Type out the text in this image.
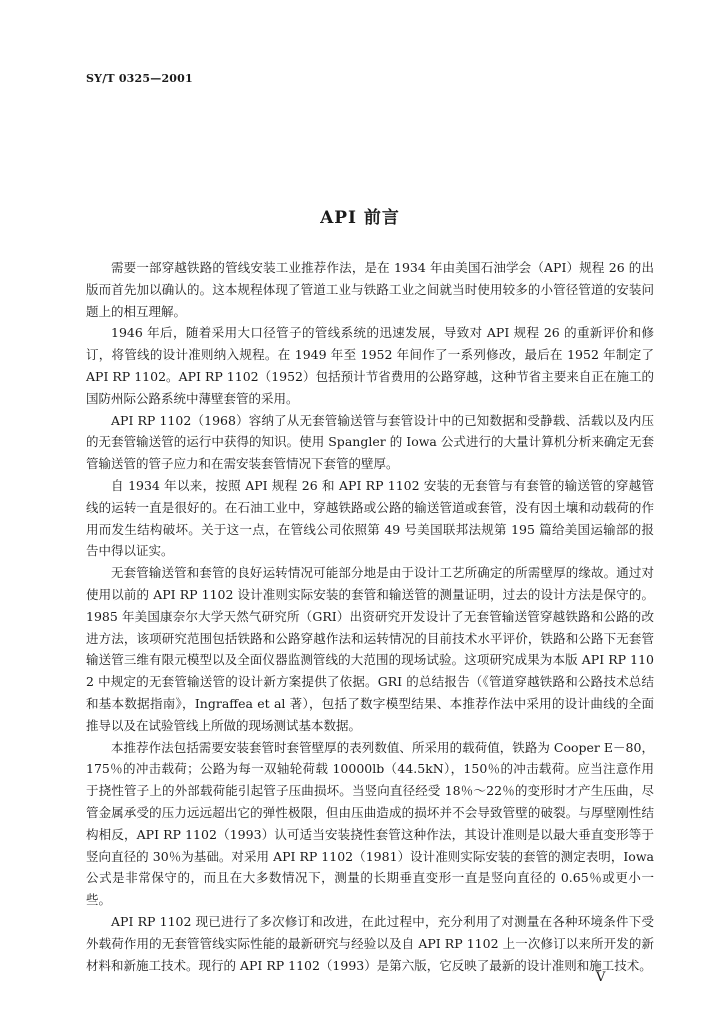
SY/T 0325—2001
API 前言

需要一部穿越铁路的管线安装工业推荐作法，是在 1934 年由美国石油学会（API）规程 26 的出版而首先加以确认的。这本规程体现了管道工业与铁路工业之间就当时使用较多的小管径管道的安装问题上的相互理解。

1946 年后，随着采用大口径管子的管线系统的迅速发展，导致对 API 规程 26 的重新评价和修订，将管线的设计准则纳入规程。在 1949 年至 1952 年间作了一系列修改，最后在 1952 年制定了 API RP 1102。API RP 1102（1952）包括预计节省费用的公路穿越，这种节省主要来自正在施工的国防州际公路系统中薄壁套管的采用。

API RP 1102（1968）容纳了从无套管输送管与套管设计中的已知数据和受静载、活载以及内压的无套管输送管的运行中获得的知识。使用 Spangler 的 Iowa 公式进行的大量计算机分析来确定无套管输送管的管子应力和在需安装套管情况下套管的壁厚。

自 1934 年以来，按照 API 规程 26 和 API RP 1102 安装的无套管与有套管的输送管的穿越管线的运转一直是很好的。在石油工业中，穿越铁路或公路的输送管道或套管，没有因土壤和动载荷的作用而发生结构破坏。关于这一点，在管线公司依照第 49 号美国联邦法规第 195 篇给美国运输部的报告中得以证实。

无套管输送管和套管的良好运转情况可能部分地是由于设计工艺所确定的所需壁厚的缘故。通过对使用以前的 API RP 1102 设计准则实际安装的套管和输送管的测量证明，过去的设计方法是保守的。1985 年美国康奈尔大学天然气研究所（GRI）出资研究开发设计了无套管输送管穿越铁路和公路的改进方法，该项研究范围包括铁路和公路穿越作法和运转情况的目前技术水平评价，铁路和公路下无套管输送管三维有限元模型以及全面仪器监测管线的大范围的现场试验。这项研究成果为本版 API RP 1102 中规定的无套管输送管的设计新方案提供了依据。GRI 的总结报告（《管道穿越铁路和公路技术总结和基本数据指南》，Ingraffea et al 著），包括了数字模型结果、本推荐作法中采用的设计曲线的全面推导以及在试验管线上所做的现场测试基本数据。

本推荐作法包括需要安装套管时套管壁厚的表列数值、所采用的载荷值，铁路为 Cooper E－80，175％的冲击载荷；公路为每一双轴轮荷载 10000lb（44.5kN），150％的冲击载荷。应当注意作用于挠性管子上的外部载荷能引起管子压曲损坏。当竖向直径经受 18％～22％的变形时才产生压曲，尽管金属承受的压力远远超出它的弹性极限，但由压曲造成的损坏并不会导致管壁的破裂。与厚壁刚性结构相反，API RP 1102（1993）认可适当安装挠性套管这种作法，其设计准则是以最大垂直变形等于竖向直径的 30％为基础。对采用 API RP 1102（1981）设计准则实际安装的套管的测定表明，Iowa 公式是非常保守的，而且在大多数情况下，测量的长期垂直变形一直是竖向直径的 0.65％或更小一些。

API RP 1102 现已进行了多次修订和改进，在此过程中，充分利用了对测量在各种环境条件下受外载荷作用的无套管管线实际性能的最新研究与经验以及自 API RP 1102 上一次修订以来所开发的新材料和新施工技术。现行的 API RP 1102（1993）是第六版，它反映了最新的设计准则和施工技术。

V
